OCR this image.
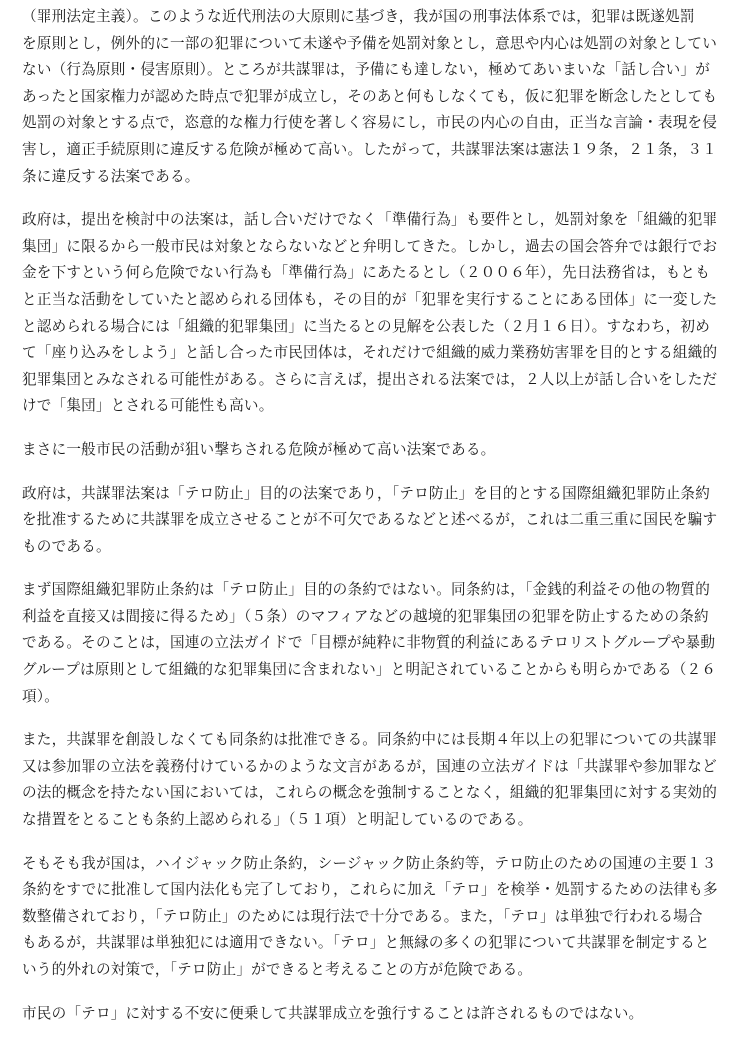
（罪刑法定主義）。このような近代刑法の大原則に基づき，我が国の刑事法体系では，犯罪は既遂処罰
を原則とし，例外的に一部の犯罪について未遂や予備を処罰対象とし，意思や内心は処罰の対象としてい
ない（行為原則・侵害原則）。ところが共謀罪は，予備にも達しない，極めてあいまいな「話し合い」が
あったと国家権力が認めた時点で犯罪が成立し，そのあと何もしなくても，仮に犯罪を断念したとしても
処罰の対象とする点で，恣意的な権力行使を著しく容易にし，市民の内心の自由，正当な言論・表現を侵
害し，適正手続原則に違反する危険が極めて高い。したがって，共謀罪法案は憲法１９条，２１条，３１
条に違反する法案である。

政府は，提出を検討中の法案は，話し合いだけでなく「準備行為」も要件とし，処罰対象を「組織的犯罪
集団」に限るから一般市民は対象とならないなどと弁明してきた。しかし，過去の国会答弁では銀行でお
金を下すという何ら危険でない行為も「準備行為」にあたるとし（２００６年），先日法務省は，もとも
と正当な活動をしていたと認められる団体も，その目的が「犯罪を実行することにある団体」に一変した
と認められる場合には「組織的犯罪集団」に当たるとの見解を公表した（２月１６日）。すなわち，初め
て「座り込みをしよう」と話し合った市民団体は，それだけで組織的威力業務妨害罪を目的とする組織的
犯罪集団とみなされる可能性がある。さらに言えば，提出される法案では，２人以上が話し合いをしただ
けで「集団」とされる可能性も高い。

まさに一般市民の活動が狙い撃ちされる危険が極めて高い法案である。

政府は，共謀罪法案は「テロ防止」目的の法案であり，「テロ防止」を目的とする国際組織犯罪防止条約
を批准するために共謀罪を成立させることが不可欠であるなどと述べるが，これは二重三重に国民を騙す
ものである。

まず国際組織犯罪防止条約は「テロ防止」目的の条約ではない。同条約は，「金銭的利益その他の物質的
利益を直接又は間接に得るため」（５条）のマフィアなどの越境的犯罪集団の犯罪を防止するための条約
である。そのことは，国連の立法ガイドで「目標が純粋に非物質的利益にあるテロリストグループや暴動
グループは原則として組織的な犯罪集団に含まれない」と明記されていることからも明らかである（２６
項）。

また，共謀罪を創設しなくても同条約は批准できる。同条約中には長期４年以上の犯罪についての共謀罪
又は参加罪の立法を義務付けているかのような文言があるが，国連の立法ガイドは「共謀罪や参加罪など
の法的概念を持たない国においては，これらの概念を強制することなく，組織的犯罪集団に対する実効的
な措置をとることも条約上認められる」（５１項）と明記しているのである。

そもそも我が国は，ハイジャック防止条約，シージャック防止条約等，テロ防止のための国連の主要１３
条約をすでに批准して国内法化も完了しており，これらに加え「テロ」を検挙・処罰するための法律も多
数整備されており，「テロ防止」のためには現行法で十分である。また，「テロ」は単独で行われる場合
もあるが，共謀罪は単独犯には適用できない。「テロ」と無縁の多くの犯罪について共謀罪を制定すると
いう的外れの対策で，「テロ防止」ができると考えることの方が危険である。

市民の「テロ」に対する不安に便乗して共謀罪成立を強行することは許されるものではない。
